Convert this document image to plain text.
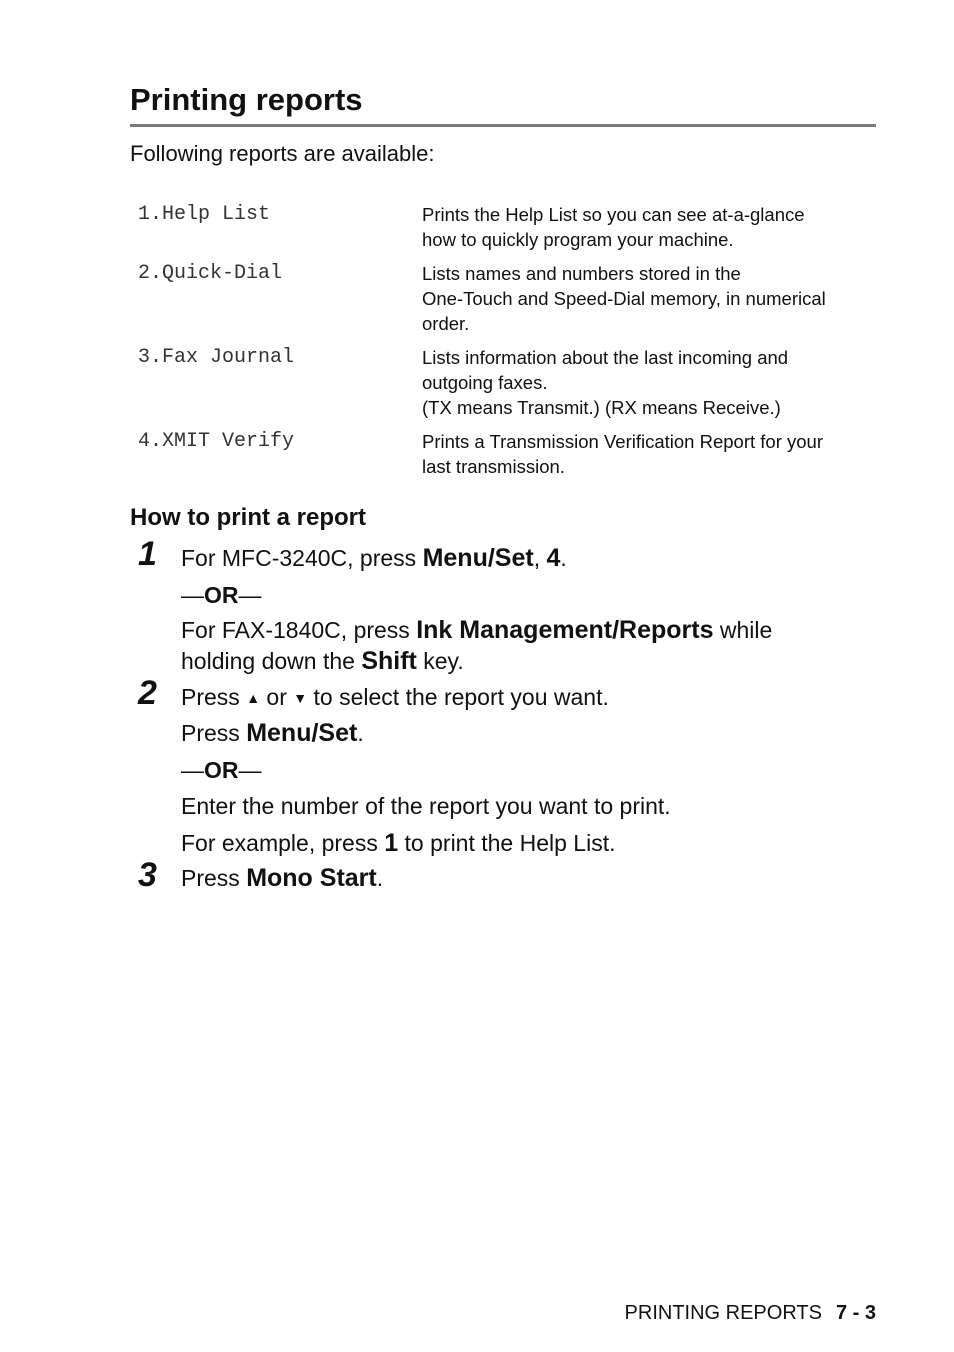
Printing reports
Following reports are available:
1.Help List	Prints the Help List so you can see at-a-glance
how to quickly program your machine.
2.Quick-Dial	Lists names and numbers stored in the
One-Touch and Speed-Dial memory, in numerical
order.
3.Fax Journal	Lists information about the last incoming and
outgoing faxes.
(TX means Transmit.) (RX means Receive.)
4.XMIT Verify	Prints a Transmission Verification Report for your
last transmission.
How to print a report
1 For MFC-3240C, press Menu/Set, 4.
—OR—
For FAX-1840C, press Ink Management/Reports while
holding down the Shift key.
2 Press ▲ or ▼ to select the report you want.
Press Menu/Set.
—OR—
Enter the number of the report you want to print.
For example, press 1 to print the Help List.
3 Press Mono Start.
PRINTING REPORTS 7 - 3
